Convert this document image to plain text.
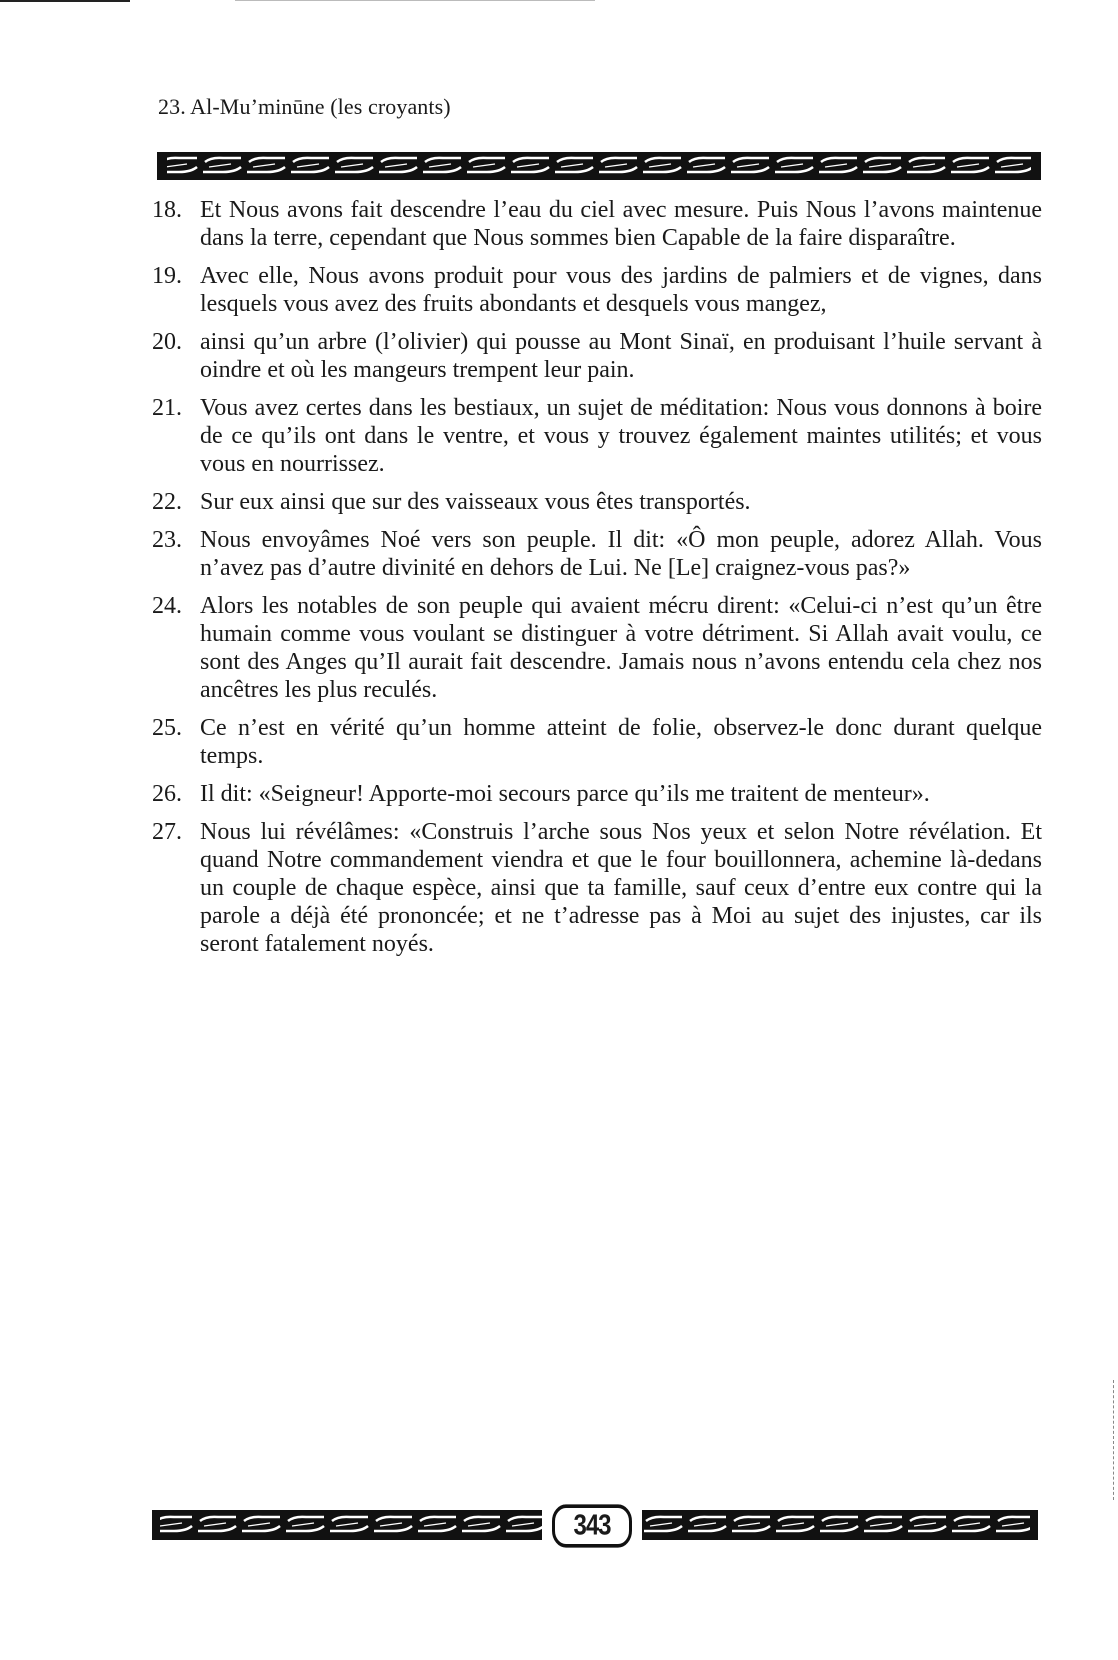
23. Al-Mu’minūne (les croyants)
18. Et Nous avons fait descendre l’eau du ciel avec mesure. Puis Nous l’avons maintenue dans la terre, cependant que Nous sommes bien Capable de la faire disparaître.
19. Avec elle, Nous avons produit pour vous des jardins de palmiers et de vignes, dans lesquels vous avez des fruits abondants et desquels vous mangez,
20. ainsi qu’un arbre (l’olivier) qui pousse au Mont Sinaï, en produisant l’huile servant à oindre et où les mangeurs trempent leur pain.
21. Vous avez certes dans les bestiaux, un sujet de méditation: Nous vous donnons à boire de ce qu’ils ont dans le ventre, et vous y trouvez également maintes utilités; et vous vous en nourrissez.
22. Sur eux ainsi que sur des vaisseaux vous êtes transportés.
23. Nous envoyâmes Noé vers son peuple. Il dit: «Ô mon peuple, adorez Allah. Vous n’avez pas d’autre divinité en dehors de Lui. Ne [Le] craignez-vous pas?»
24. Alors les notables de son peuple qui avaient mécru dirent: «Celui-ci n’est qu’un être humain comme vous voulant se distinguer à votre détriment. Si Allah avait voulu, ce sont des Anges qu’Il aurait fait descendre. Jamais nous n’avons entendu cela chez nos ancêtres les plus reculés.
25. Ce n’est en vérité qu’un homme atteint de folie, observez-le donc durant quelque temps.
26. Il dit: «Seigneur! Apporte-moi secours parce qu’ils me traitent de menteur».
27. Nous lui révélâmes: «Construis l’arche sous Nos yeux et selon Notre révélation. Et quand Notre commandement viendra et que le four bouillonnera, achemine là-dedans un couple de chaque espèce, ainsi que ta famille, sauf ceux d’entre eux contre qui la parole a déjà été prononcée; et ne t’adresse pas à Moi au sujet des injustes, car ils seront fatalement noyés.
343
